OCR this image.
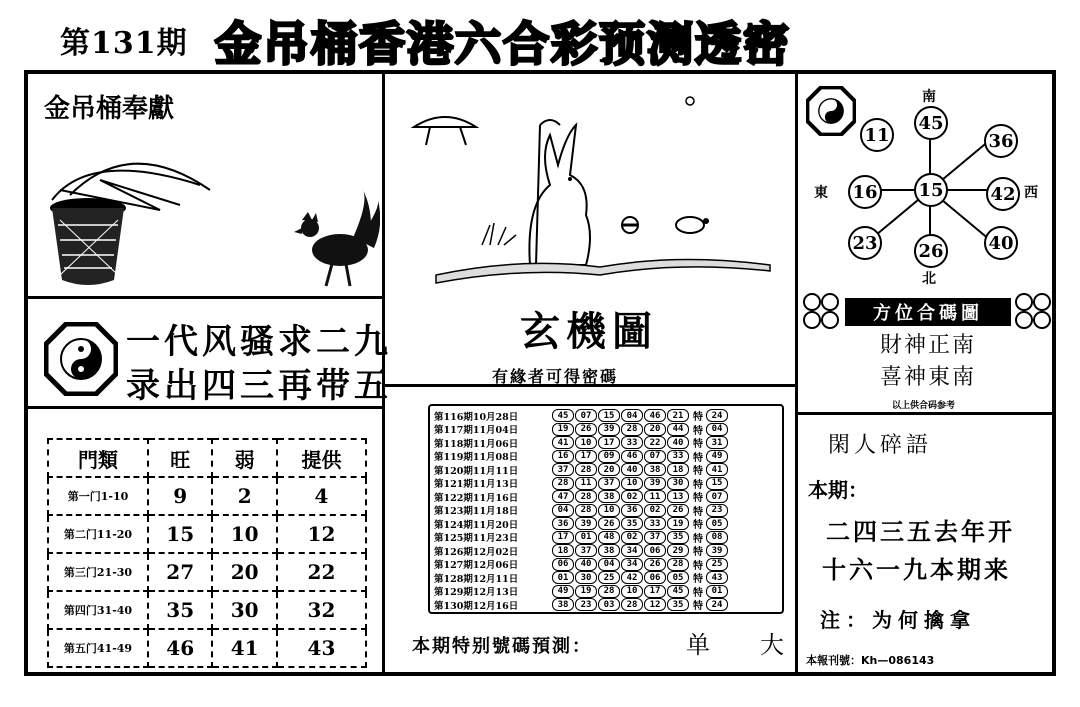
第131期 金吊桶香港六合彩预测透密
金吊桶奉獻
一代风骚求二九
录出四三再带五
門類	旺	弱	提供
第一门1-10	9	2	4
第二门11-20	15	10	12
第三门21-30	27	20	22
第四门31-40	35	30	32
第五门41-49	46	41	43
玄機圖
有緣者可得密碼
第116期10月28日	45	07	15	04	46	21 特 24
第117期11月04日	19	26	39	28	20	44 特 04
第118期11月06日	41	10	17	33	22	40 特 31
第119期11月08日	16	17	09	46	07	33 特 49
第120期11月11日	37	28	20	40	38	18 特 41
第121期11月13日	28	11	37	10	39	30 特 15
第122期11月16日	47	28	38	02	11	13 特 07
第123期11月18日	04	28	10	36	02	26 特 23
第124期11月20日	36	39	26	35	33	19 特 05
第125期11月23日	17	01	48	02	37	35 特 08
第126期12月02日	18	37	38	34	06	29 特 39
第127期12月06日	06	40	04	34	26	28 特 25
第128期12月11日	01	30	25	42	06	05 特 43
第129期12月13日	49	19	28	10	17	45 特 01
第130期12月16日	38	23	03	28	12	35 特 24
本期特别號碼預測：	单大
南
北
東	西
11
45
36
16 15	42
23 26 40
方位合碼圖
財神正南
喜神東南
以上供合码参考
閑人碎語
本期：
二四三五去年开
十六一九本期来
注：为何擒拿
本報刊號：Kh—086143
